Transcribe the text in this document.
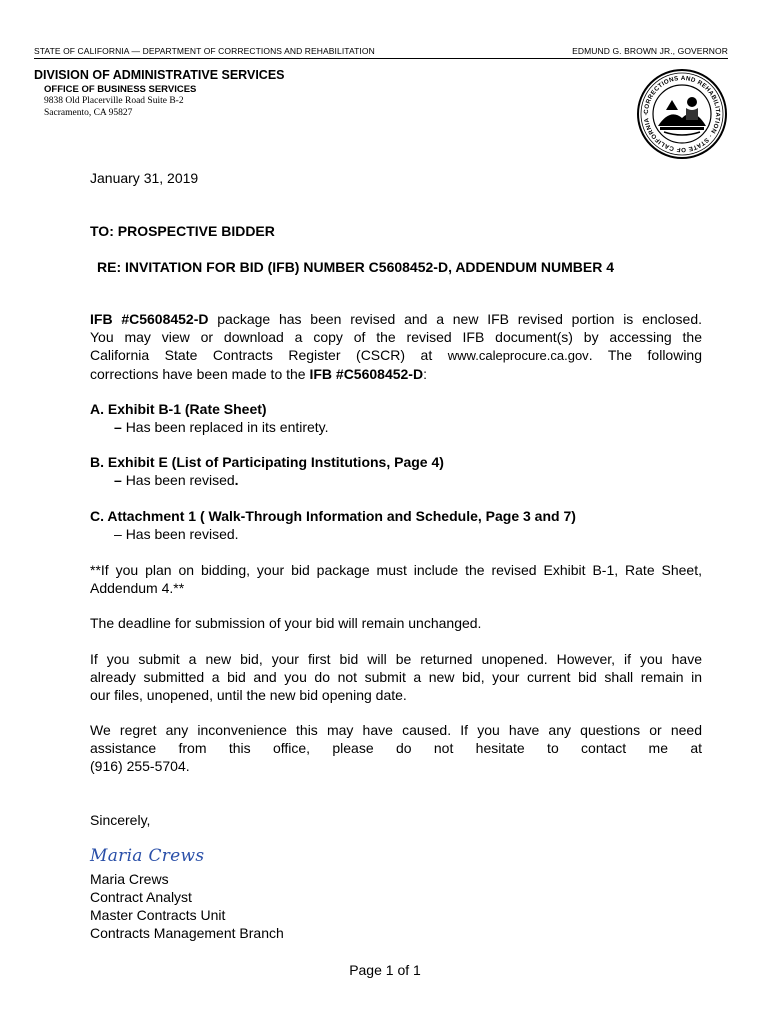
STATE OF CALIFORNIA — DEPARTMENT OF CORRECTIONS AND REHABILITATION	EDMUND G. BROWN JR., GOVERNOR
DIVISION OF ADMINISTRATIVE SERVICES
OFFICE OF BUSINESS SERVICES
9838 Old Placerville Road Suite B-2
Sacramento, CA 95827	CORRECTIONS AND REHABILITATION · STATE OF CALIFORNIA ·
January 31, 2019
TO: PROSPECTIVE BIDDER
RE: INVITATION FOR BID (IFB) NUMBER C5608452-D, ADDENDUM NUMBER 4
IFB #C5608452-D package has been revised and a new IFB revised portion is enclosed.
You may view or download a copy of the revised IFB document(s) by accessing the
California State Contracts Register (CSCR) at www.caleprocure.ca.gov. The following
corrections have been made to the IFB #C5608452-D:
A. Exhibit B-1 (Rate Sheet)
– Has been replaced in its entirety.
B. Exhibit E (List of Participating Institutions, Page 4)
– Has been revised.
C. Attachment 1 ( Walk-Through Information and Schedule, Page 3 and 7)
– Has been revised.
**If you plan on bidding, your bid package must include the revised Exhibit B-1, Rate Sheet,
Addendum 4.**
The deadline for submission of your bid will remain unchanged.
If you submit a new bid, your first bid will be returned unopened. However, if you have
already submitted a bid and you do not submit a new bid, your current bid shall remain in
our files, unopened, until the new bid opening date.
We regret any inconvenience this may have caused. If you have any questions or need
assistance from this office, please do not hesitate to contact me at
(916) 255-5704.
Sincerely,
Maria Crews
Maria Crews
Contract Analyst
Master Contracts Unit
Contracts Management Branch
Page 1 of 1
